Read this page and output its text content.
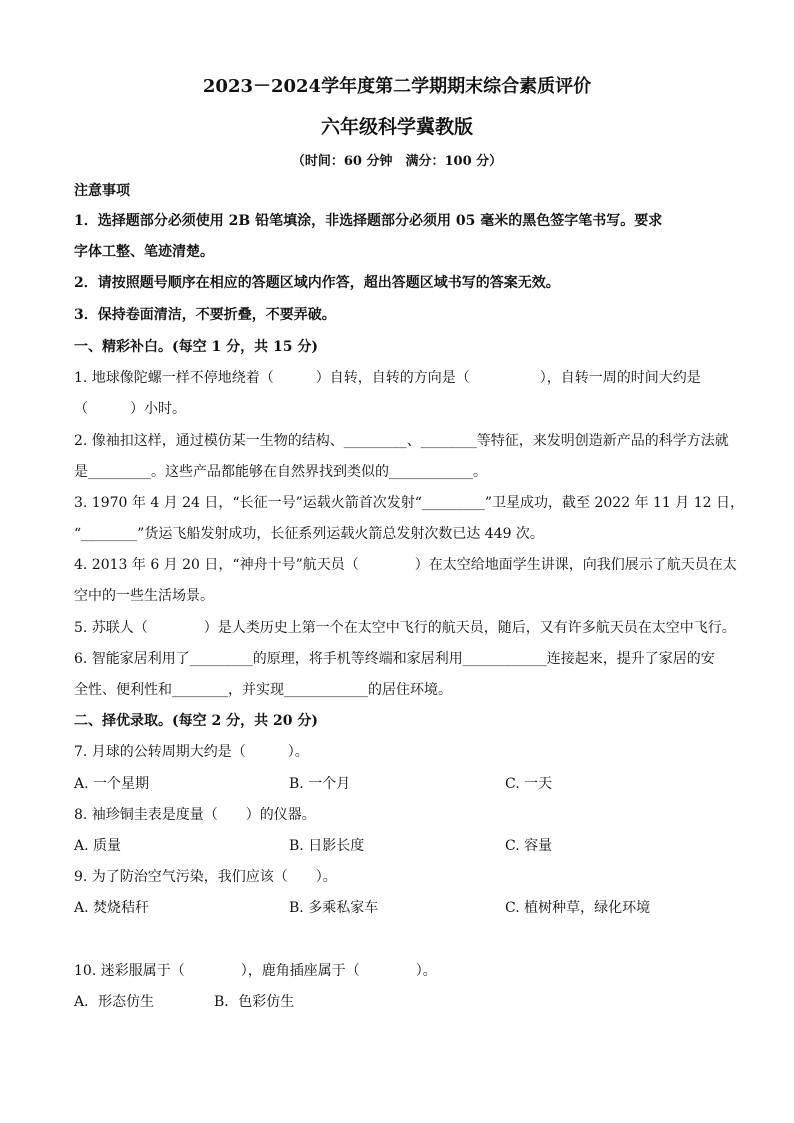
2023－2024学年度第二学期期末综合素质评价
六年级科学冀教版
（时间：60 分钟　满分：100 分）
注意事项
1．选择题部分必须使用 2B 铅笔填涂，非选择题部分必须用 05 毫米的黑色签字笔书写。要求
字体工整、笔迹清楚。
2．请按照题号顺序在相应的答题区域内作答，超出答题区域书写的答案无效。
3．保持卷面清洁，不要折叠，不要弄破。
一、精彩补白。(每空 1 分，共 15 分)
1. 地球像陀螺一样不停地绕着（　　　）自转，自转的方向是（　　　　　），自转一周的时间大约是
（　　　）小时。
2. 像袖扣这样，通过模仿某一生物的结构、_________、________等特征，来发明创造新产品的科学方法就
是_________。这些产品都能够在自然界找到类似的____________。
3. 1970 年 4 月 24 日，“长征一号”运载火箭首次发射“_________”卫星成功，截至 2022 年 11 月 12 日，
“________”货运飞船发射成功，长征系列运载火箭总发射次数已达 449 次。
4. 2013 年 6 月 20 日，“神舟十号”航天员（　　　　）在太空给地面学生讲课，向我们展示了航天员在太
空中的一些生活场景。
5. 苏联人（　　　　）是人类历史上第一个在太空中飞行的航天员，随后，又有许多航天员在太空中飞行。
6. 智能家居利用了_________的原理，将手机等终端和家居利用____________连接起来，提升了家居的安
全性、便利性和________，并实现____________的居住环境。
二、择优录取。(每空 2 分，共 20 分)
7. 月球的公转周期大约是（　　　）。
A. 一个星期	B. 一个月	C. 一天
8. 袖珍铜圭表是度量（　　）的仪器。
A. 质量	B. 日影长度	C. 容量
9. 为了防治空气污染，我们应该（　　）。
A. 焚烧秸秆	B. 多乘私家车	C. 植树种草，绿化环境
10. 迷彩服属于（　　　　），鹿角插座属于（　　　　）。
A．形态仿生	B．色彩仿生
